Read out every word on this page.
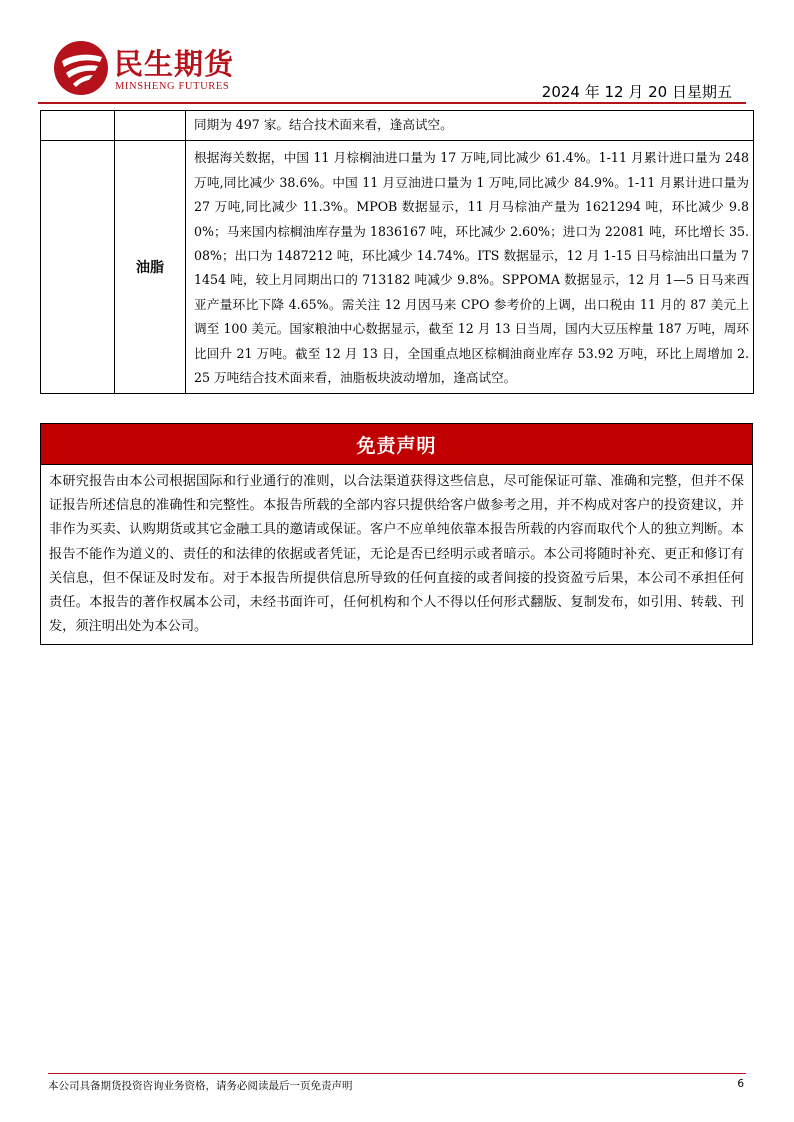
民生期货
MINSHENG FUTURES	2024 年 12 月 20 日星期五

		同期为 497 家。结合技术面来看，逢高试空。

	油脂	根据海关数据，中国 11 月棕榈油进口量为 17 万吨,同比减少 61.4%。1-11 月累计进口量为 248 万吨,同比减少 38.6%。中国 11 月豆油进口量为 1 万吨,同比减少 84.9%。1-11 月累计进口量为 27 万吨,同比减少 11.3%。MPOB 数据显示，11 月马棕油产量为 1621294 吨，环比减少 9.80%；马来国内棕榈油库存量为 1836167 吨，环比减少 2.60%；进口为 22081 吨，环比增长 35.08%；出口为 1487212 吨，环比减少 14.74%。ITS 数据显示，12 月 1-15 日马棕油出口量为 71454 吨，较上月同期出口的 713182 吨减少 9.8%。SPPOMA 数据显示，12 月 1—5 日马来西亚产量环比下降 4.65%。需关注 12 月因马来 CPO 参考价的上调，出口税由 11 月的 87 美元上调至 100 美元。国家粮油中心数据显示，截至 12 月 13 日当周，国内大豆压榨量 187 万吨，周环比回升 21 万吨。截至 12 月 13 日，全国重点地区棕榈油商业库存 53.92 万吨，环比上周增加 2.25 万吨结合技术面来看，油脂板块波动增加，逢高试空。
免责声明
本研究报告由本公司根据国际和行业通行的准则，以合法渠道获得这些信息，尽可能保证可靠、准确和完整，但并不保证报告所述信息的准确性和完整性。本报告所载的全部内容只提供给客户做参考之用，并不构成对客户的投资建议，并非作为买卖、认购期货或其它金融工具的邀请或保证。客户不应单纯依靠本报告所载的内容而取代个人的独立判断。本报告不能作为道义的、责任的和法律的依据或者凭证，无论是否已经明示或者暗示。本公司将随时补充、更正和修订有关信息，但不保证及时发布。对于本报告所提供信息所导致的任何直接的或者间接的投资盈亏后果，本公司不承担任何责任。本报告的著作权属本公司，未经书面许可，任何机构和个人不得以任何形式翻版、复制发布，如引用、转载、刊发，须注明出处为本公司。
本公司具备期货投资咨询业务资格，请务必阅读最后一页免责声明	6
